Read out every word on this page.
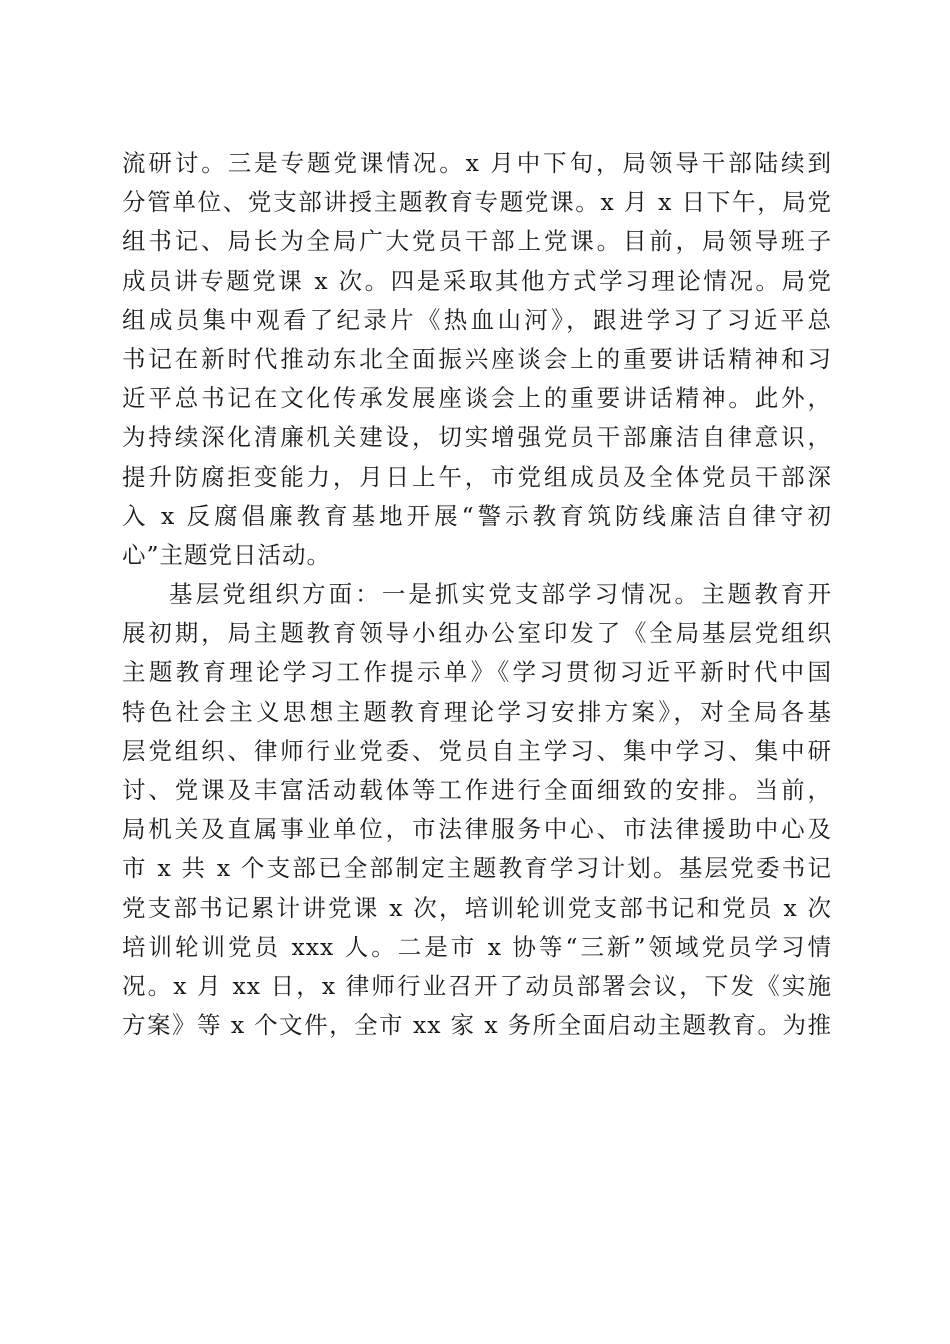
流研讨。三是专题党课情况。x 月中下旬，局领导干部陆续到
分管单位、党支部讲授主题教育专题党课。x 月 x 日下午，局党
组书记、局长为全局广大党员干部上党课。目前，局领导班子
成员讲专题党课 x 次。四是采取其他方式学习理论情况。局党
组成员集中观看了纪录片《热血山河》，跟进学习了习近平总
书记在新时代推动东北全面振兴座谈会上的重要讲话精神和习
近平总书记在文化传承发展座谈会上的重要讲话精神。此外，
为持续深化清廉机关建设，切实增强党员干部廉洁自律意识，
提升防腐拒变能力，月日上午，市党组成员及全体党员干部深
入 x 反腐倡廉教育基地开展“警示教育筑防线廉洁自律守初
心”主题党日活动。
基层党组织方面：一是抓实党支部学习情况。主题教育开
展初期，局主题教育领导小组办公室印发了《全局基层党组织
主题教育理论学习工作提示单》《学习贯彻习近平新时代中国
特色社会主义思想主题教育理论学习安排方案》，对全局各基
层党组织、律师行业党委、党员自主学习、集中学习、集中研
讨、党课及丰富活动载体等工作进行全面细致的安排。当前，
局机关及直属事业单位，市法律服务中心、市法律援助中心及
市 x 共 x 个支部已全部制定主题教育学习计划。基层党委书记
党支部书记累计讲党课 x 次，培训轮训党支部书记和党员 x 次
培训轮训党员 xxx 人。二是市 x 协等“三新”领域党员学习情
况。x 月 xx 日，x 律师行业召开了动员部署会议，下发《实施
方案》等 x 个文件，全市 xx 家 x 务所全面启动主题教育。为推
